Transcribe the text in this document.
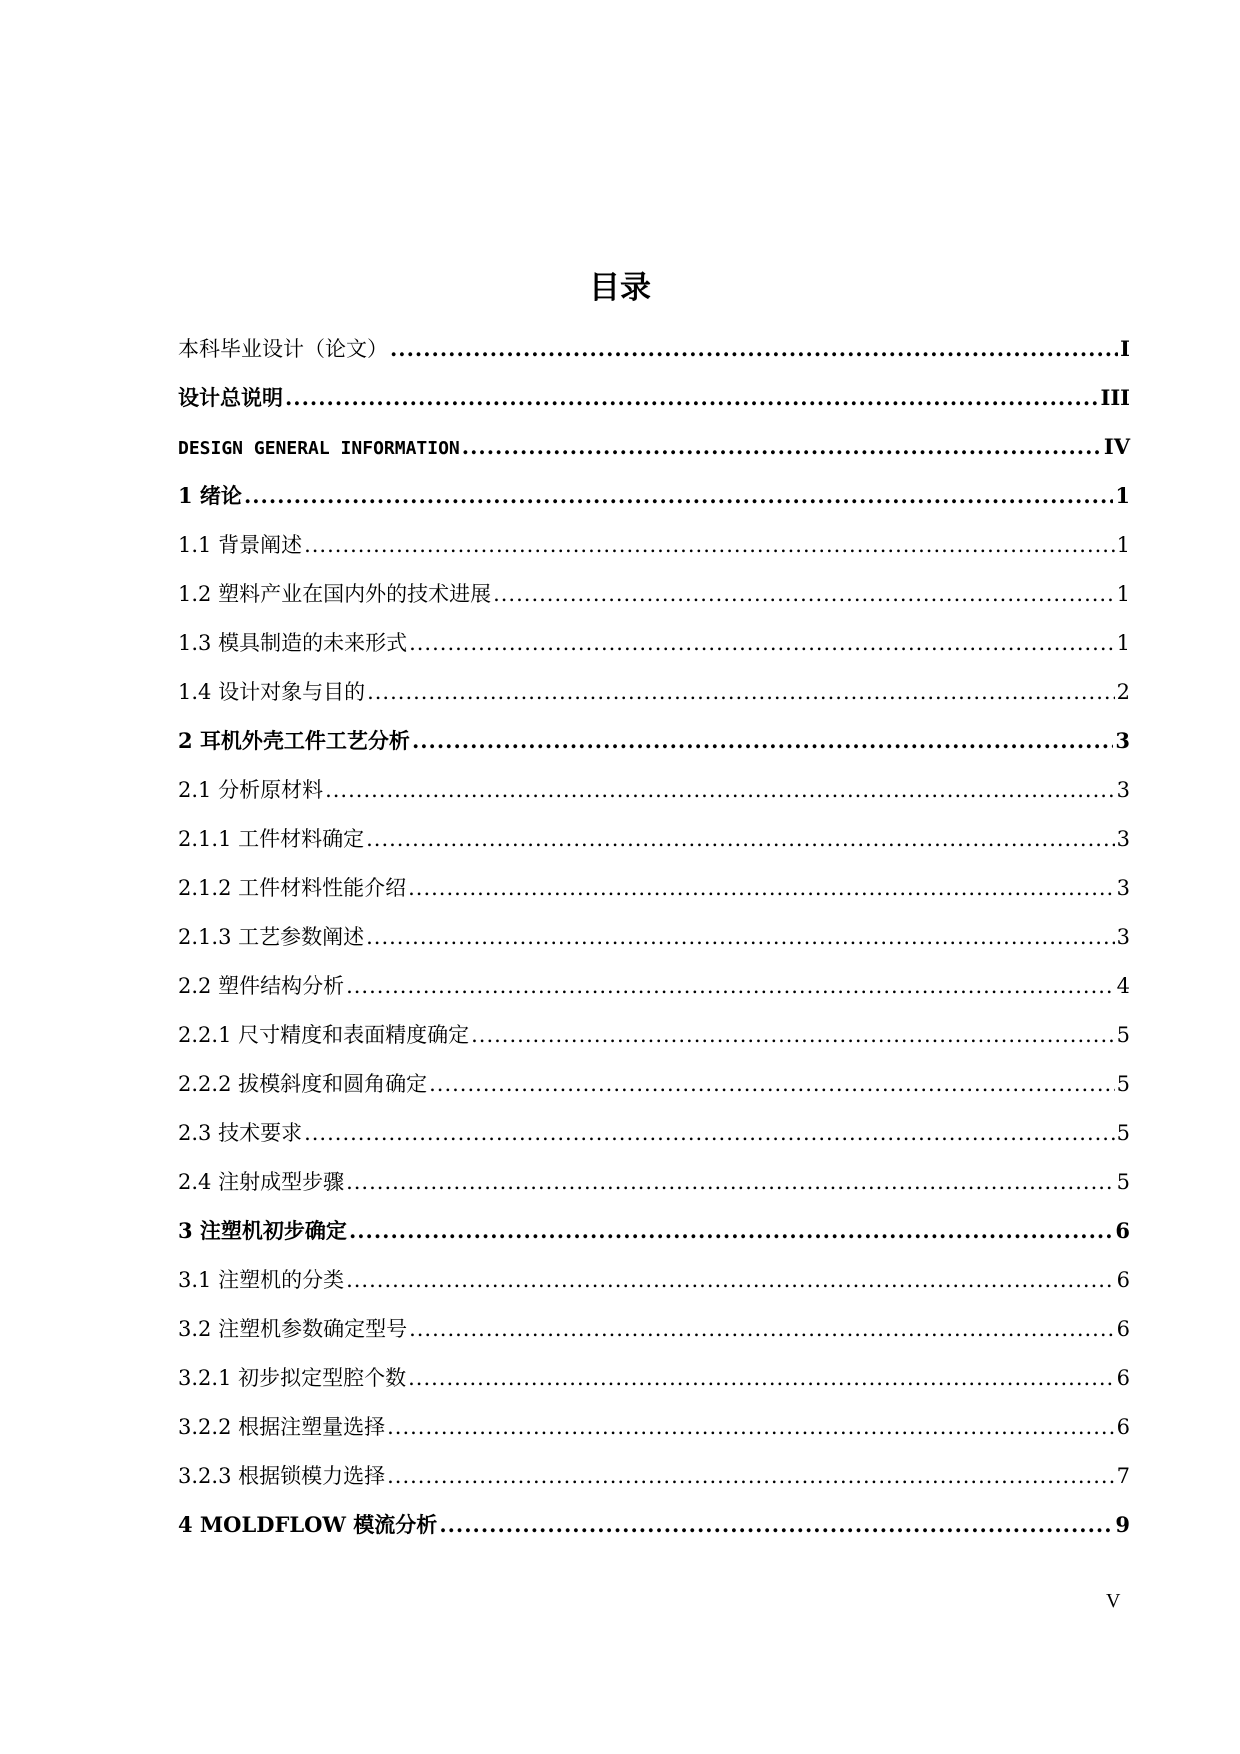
目录
本科毕业设计（论文） .....	I
设计总说明 .....	III
DESIGN GENERAL INFORMATION .....	IV
1 绪论 .....	1
1.1 背景阐述 .....	1
1.2 塑料产业在国内外的技术进展 .....	1
1.3 模具制造的未来形式 .....	1
1.4 设计对象与目的 .....	2
2 耳机外壳工件工艺分析 .....	3
2.1 分析原材料 .....	3
2.1.1 工件材料确定 .....	3
2.1.2 工件材料性能介绍 .....	3
2.1.3 工艺参数阐述 .....	3
2.2 塑件结构分析 .....	4
2.2.1 尺寸精度和表面精度确定 .....	5
2.2.2 拔模斜度和圆角确定 .....	5
2.3 技术要求 .....	5
2.4 注射成型步骤 .....	5
3 注塑机初步确定 .....	6
3.1 注塑机的分类 .....	6
3.2 注塑机参数确定型号 .....	6
3.2.1 初步拟定型腔个数 .....	6
3.2.2 根据注塑量选择 .....	6
3.2.3 根据锁模力选择 .....	7
4 MOLDFLOW 模流分析 .....	9
V
